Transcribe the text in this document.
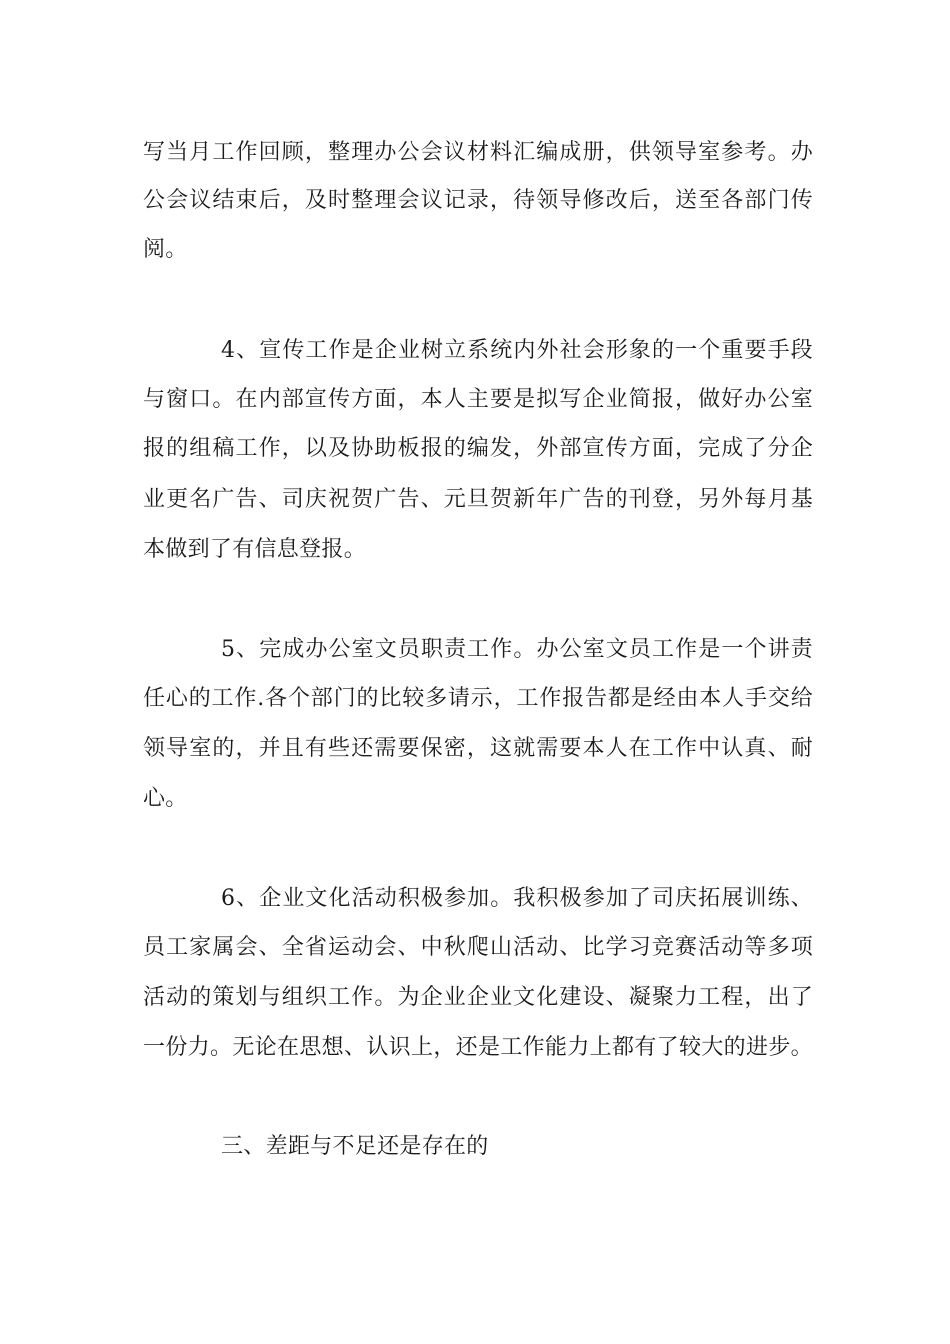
写当月工作回顾，整理办公会议材料汇编成册，供领导室参考。办
公会议结束后，及时整理会议记录，待领导修改后，送至各部门传
阅。
4、宣传工作是企业树立系统内外社会形象的一个重要手段
与窗口。在内部宣传方面，本人主要是拟写企业简报，做好办公室
报的组稿工作，以及协助板报的编发，外部宣传方面，完成了分企
业更名广告、司庆祝贺广告、元旦贺新年广告的刊登，另外每月基
本做到了有信息登报。
5、完成办公室文员职责工作。办公室文员工作是一个讲责
任心的工作.各个部门的比较多请示，工作报告都是经由本人手交给
领导室的，并且有些还需要保密，这就需要本人在工作中认真、耐
心。
6、企业文化活动积极参加。我积极参加了司庆拓展训练、
员工家属会、全省运动会、中秋爬山活动、比学习竞赛活动等多项
活动的策划与组织工作。为企业企业文化建设、凝聚力工程，出了
一份力。无论在思想、认识上，还是工作能力上都有了较大的进步。
三、差距与不足还是存在的
